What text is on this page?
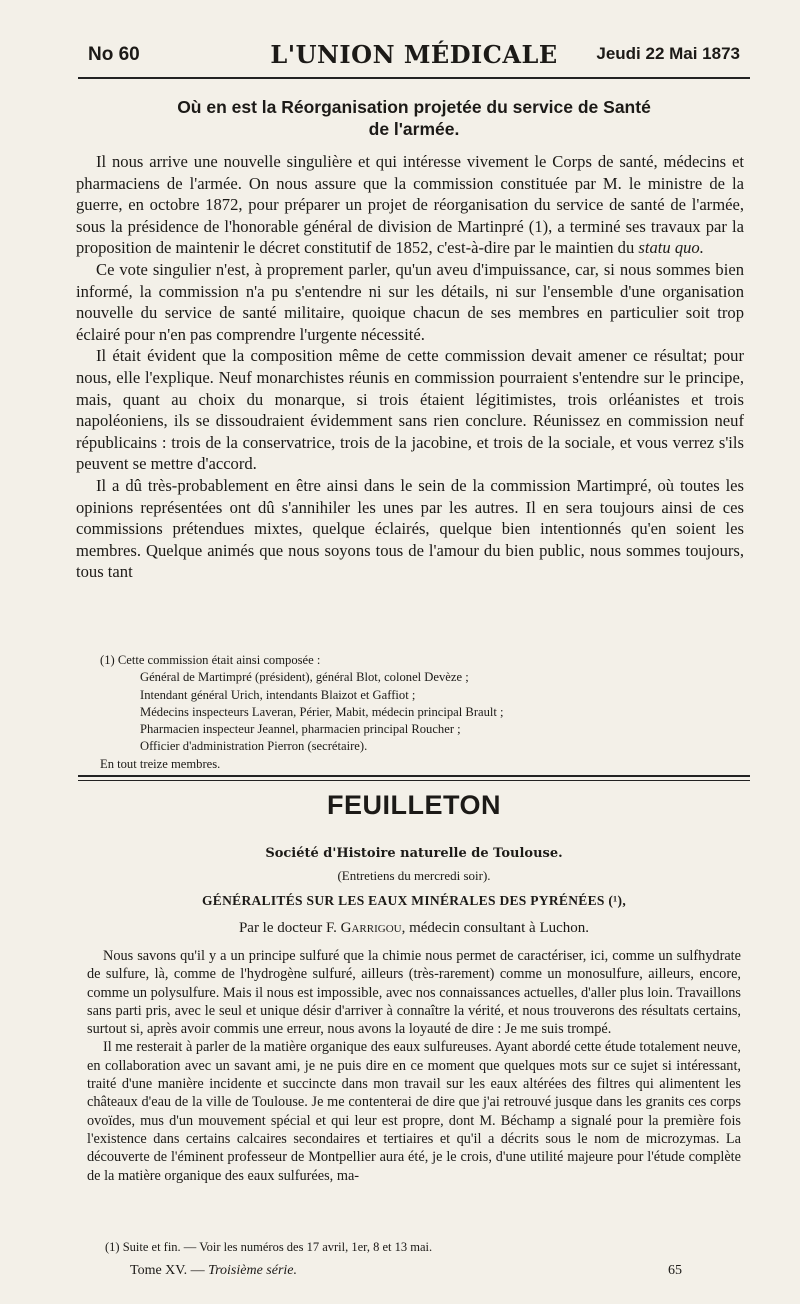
No 60	L'UNION MÉDICALE	Jeudi 22 Mai 1873
Où en est la Réorganisation projetée du service de Santé
de l'armée.

Il nous arrive une nouvelle singulière et qui intéresse vivement le Corps de santé, médecins et pharmaciens de l'armée. On nous assure que la commission constituée par M. le ministre de la guerre, en octobre 1872, pour préparer un projet de réorganisation du service de santé de l'armée, sous la présidence de l'honorable général de division de Martinpré (1), a terminé ses travaux par la proposition de maintenir le décret constitutif de 1852, c'est-à-dire par le maintien du statu quo.

Ce vote singulier n'est, à proprement parler, qu'un aveu d'impuissance, car, si nous sommes bien informé, la commission n'a pu s'entendre ni sur les détails, ni sur l'ensemble d'une organisation nouvelle du service de santé militaire, quoique chacun de ses membres en particulier soit trop éclairé pour n'en pas comprendre l'urgente nécessité.

Il était évident que la composition même de cette commission devait amener ce résultat; pour nous, elle l'explique. Neuf monarchistes réunis en commission pourraient s'entendre sur le principe, mais, quant au choix du monarque, si trois étaient légitimistes, trois orléanistes et trois napoléoniens, ils se dissoudraient évidemment sans rien conclure. Réunissez en commission neuf républicains : trois de la conservatrice, trois de la jacobine, et trois de la sociale, et vous verrez s'ils peuvent se mettre d'accord.

Il a dû très-probablement en être ainsi dans le sein de la commission Martimpré, où toutes les opinions représentées ont dû s'annihiler les unes par les autres. Il en sera toujours ainsi de ces commissions prétendues mixtes, quelque éclairés, quelque bien intentionnés qu'en soient les membres. Quelque animés que nous soyons tous de l'amour du bien public, nous sommes toujours, tous tant

(1) Cette commission était ainsi composée :

Général de Martimpré (président), général Blot, colonel Devèze ;
Intendant général Urich, intendants Blaizot et Gaffiot ;
Médecins inspecteurs Laveran, Périer, Mabit, médecin principal Brault ;
Pharmacien inspecteur Jeannel, pharmacien principal Roucher ;
Officier d'administration Pierron (secrétaire).

En tout treize membres.

FEUILLETON
Société d'Histoire naturelle de Toulouse.
(Entretiens du mercredi soir).
GÉNÉRALITÉS SUR LES EAUX MINÉRALES DES PYRÉNÉES (¹),
Par le docteur F. Garrigou, médecin consultant à Luchon.

Nous savons qu'il y a un principe sulfuré que la chimie nous permet de caractériser, ici, comme un sulfhydrate de sulfure, là, comme de l'hydrogène sulfuré, ailleurs (très-rarement) comme un monosulfure, ailleurs, encore, comme un polysulfure. Mais il nous est impossible, avec nos connaissances actuelles, d'aller plus loin. Travaillons sans parti pris, avec le seul et unique désir d'arriver à connaître la vérité, et nous trouverons des résultats certains, surtout si, après avoir commis une erreur, nous avons la loyauté de dire : Je me suis trompé.

Il me resterait à parler de la matière organique des eaux sulfureuses. Ayant abordé cette étude totalement neuve, en collaboration avec un savant ami, je ne puis dire en ce moment que quelques mots sur ce sujet si intéressant, traité d'une manière incidente et succincte dans mon travail sur les eaux altérées des filtres qui alimentent les châteaux d'eau de la ville de Toulouse. Je me contenterai de dire que j'ai retrouvé jusque dans les granits ces corps ovoïdes, mus d'un mouvement spécial et qui leur est propre, dont M. Béchamp a signalé pour la première fois l'existence dans certains calcaires secondaires et tertiaires et qu'il a décrits sous le nom de microzymas. La découverte de l'éminent professeur de Montpellier aura été, je le crois, d'une utilité majeure pour l'étude complète de la matière organique des eaux sulfurées, ma-

(1) Suite et fin. — Voir les numéros des 17 avril, 1er, 8 et 13 mai.
Tome XV. — Troisième série.	65
